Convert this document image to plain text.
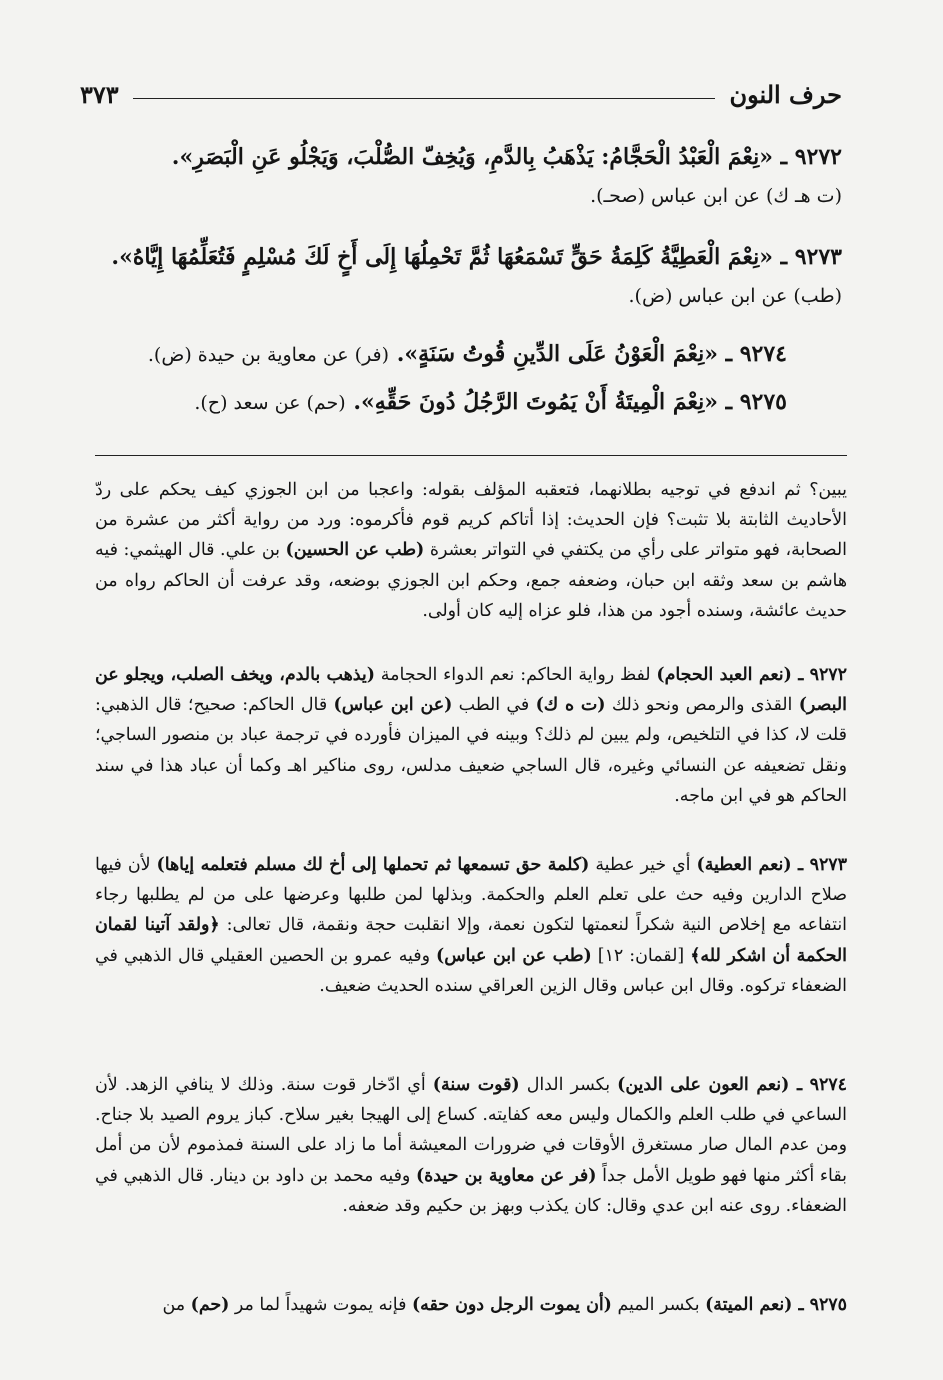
٣٧٣	حرف النون
٩٢٧٢ ـ «نِعْمَ الْعَبْدُ الْحَجَّامُ: يَذْهَبُ بِالدَّمِ، وَيُخِفّ الصُّلْبَ، وَيَجْلُو عَنِ الْبَصَرِ».
(ت هـ ك) عن ابن عباس (صحـ).
٩٢٧٣ ـ «نِعْمَ الْعَطِيَّةُ كَلِمَةُ حَقٍّ تَسْمَعُهَا ثُمَّ تَحْمِلُهَا إِلَى أَخٍ لَكَ مُسْلِمٍ فَتُعَلِّمُهَا إِيَّاهُ».
(طب) عن ابن عباس (ض).
٩٢٧٤ ـ «نِعْمَ الْعَوْنُ عَلَى الدِّينِ قُوتُ سَنَةٍ». (فر) عن معاوية بن حيدة (ض).
٩٢٧٥ ـ «نِعْمَ الْمِيتَةُ أَنْ يَمُوتَ الرَّجُلُ دُونَ حَقِّهِ». (حم) عن سعد (ح).

يبين؟ ثم اندفع في توجيه بطلانهما، فتعقبه المؤلف بقوله: واعجبا من ابن الجوزي كيف يحكم على ردّ الأحاديث الثابتة بلا تثبت؟ فإن الحديث: إذا أتاكم كريم قوم فأكرموه: ورد من رواية أكثر من عشرة من الصحابة، فهو متواتر على رأي من يكتفي في التواتر بعشرة (طب عن الحسين) بن علي. قال الهيثمي: فيه هاشم بن سعد وثقه ابن حبان، وضعفه جمع، وحكم ابن الجوزي بوضعه، وقد عرفت أن الحاكم رواه من حديث عائشة، وسنده أجود من هذا، فلو عزاه إليه كان أولى.

٩٢٧٢ ـ (نعم العبد الحجام) لفظ رواية الحاكم: نعم الدواء الحجامة (يذهب بالدم، ويخف الصلب، ويجلو عن البصر) القذى والرمص ونحو ذلك (ت ه ك) في الطب (عن ابن عباس) قال الحاكم: صحيح؛ قال الذهبي: قلت لا، كذا في التلخيص، ولم يبين لم ذلك؟ وبينه في الميزان فأورده في ترجمة عباد بن منصور الساجي؛ ونقل تضعيفه عن النسائي وغيره، قال الساجي ضعيف مدلس، روى مناكير اهـ وكما أن عباد هذا في سند الحاكم هو في ابن ماجه.

٩٢٧٣ ـ (نعم العطية) أي خير عطية (كلمة حق تسمعها ثم تحملها إلى أخ لك مسلم فتعلمه إياها) لأن فيها صلاح الدارين وفيه حث على تعلم العلم والحكمة. وبذلها لمن طلبها وعرضها على من لم يطلبها رجاء انتفاعه مع إخلاص النية شكراً لنعمتها لتكون نعمة، وإلا انقلبت حجة ونقمة، قال تعالى: ﴿ولقد آتينا لقمان الحكمة أن اشكر لله﴾ [لقمان: ١٢] (طب عن ابن عباس) وفيه عمرو بن الحصين العقيلي قال الذهبي في الضعفاء تركوه. وقال ابن عباس وقال الزين العراقي سنده الحديث ضعيف.

٩٢٧٤ ـ (نعم العون على الدين) بكسر الدال (قوت سنة) أي ادّخار قوت سنة. وذلك لا ينافي الزهد. لأن الساعي في طلب العلم والكمال وليس معه كفايته. كساع إلى الهيجا بغير سلاح. كباز يروم الصيد بلا جناح. ومن عدم المال صار مستغرق الأوقات في ضرورات المعيشة أما ما زاد على السنة فمذموم لأن من أمل بقاء أكثر منها فهو طويل الأمل جداً (فر عن معاوية بن حيدة) وفيه محمد بن داود بن دينار. قال الذهبي في الضعفاء. روى عنه ابن عدي وقال: كان يكذب وبهز بن حكيم وقد ضعفه.

٩٢٧٥ ـ (نعم الميتة) بكسر الميم (أن يموت الرجل دون حقه) فإنه يموت شهيداً لما مر (حم) من
